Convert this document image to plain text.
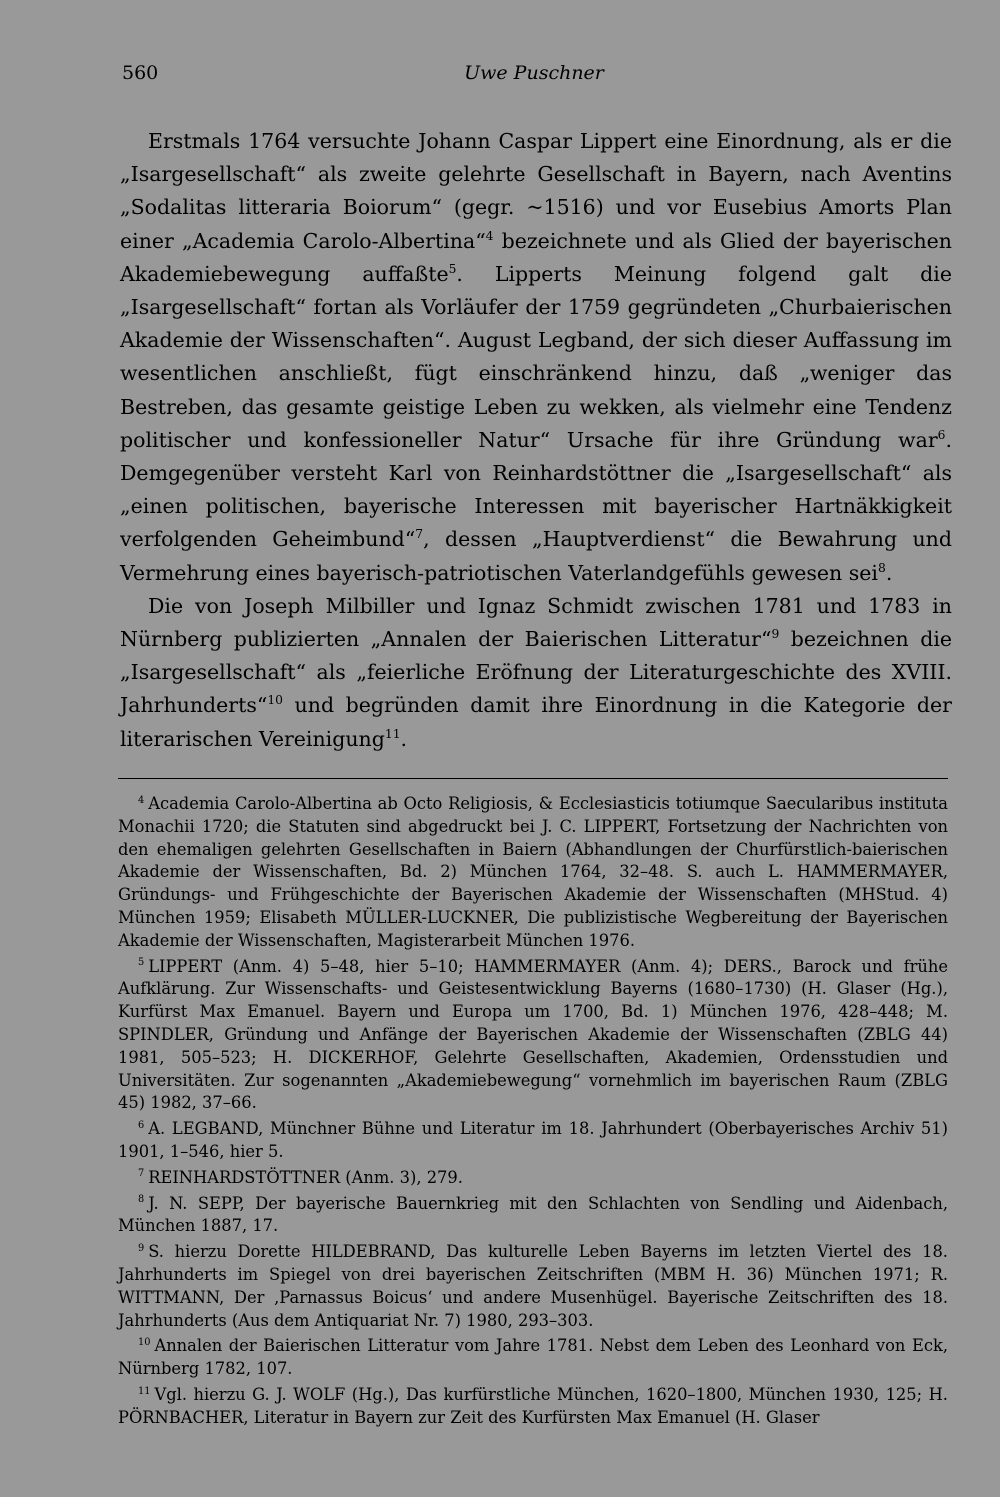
560	Uwe Puschner

Erstmals 1764 versuchte Johann Caspar Lippert eine Einordnung, als er die „Isargesellschaft“ als zweite gelehrte Gesellschaft in Bayern, nach Aventins „Sodalitas litteraria Boiorum“ (gegr. ~1516) und vor Eusebius Amorts Plan einer „Academia Carolo-Albertina“$^4$ bezeichnete und als Glied der bayerischen Akademiebewegung auffaßte$^5$. Lipperts Meinung folgend galt die „Isargesellschaft“ fortan als Vorläufer der 1759 gegründeten „Churbaierischen Akademie der Wissenschaften“. August Legband, der sich dieser Auffassung im wesentlichen anschließt, fügt einschränkend hinzu, daß „weniger das Bestreben, das gesamte geistige Leben zu wekken, als vielmehr eine Tendenz politischer und konfessioneller Natur“ Ursache für ihre Gründung war$^6$. Demgegenüber versteht Karl von Reinhardstöttner die „Isargesellschaft“ als „einen politischen, bayerische Interessen mit bayerischer Hartnäkkigkeit verfolgenden Geheimbund“$^7$, dessen „Hauptverdienst“ die Bewahrung und Vermehrung eines bayerisch-patriotischen Vaterlandgefühls gewesen sei$^8$.

Die von Joseph Milbiller und Ignaz Schmidt zwischen 1781 und 1783 in Nürnberg publizierten „Annalen der Baierischen Litteratur“$^9$ bezeichnen die „Isargesellschaft“ als „feierliche Eröfnung der Literaturgeschichte des XVIII. Jahrhunderts“$^{10}$ und begründen damit ihre Einordnung in die Kategorie der literarischen Vereinigung$^{11}$.

$^4$ Academia Carolo-Albertina ab Octo Religiosis, & Ecclesiasticis totiumque Saecularibus instituta Monachii 1720; die Statuten sind abgedruckt bei J. C. LIPPERT, Fortsetzung der Nachrichten von den ehemaligen gelehrten Gesellschaften in Baiern (Abhandlungen der Churfürstlich-baierischen Akademie der Wissenschaften, Bd. 2) München 1764, 32–48. S. auch L. HAMMERMAYER, Gründungs- und Frühgeschichte der Bayerischen Akademie der Wissenschaften (MHStud. 4) München 1959; Elisabeth MÜLLER-LUCKNER, Die publizistische Wegbereitung der Bayerischen Akademie der Wissenschaften, Magisterarbeit München 1976.

$^5$ LIPPERT (Anm. 4) 5–48, hier 5–10; HAMMERMAYER (Anm. 4); DERS., Barock und frühe Aufklärung. Zur Wissenschafts- und Geistesentwicklung Bayerns (1680–1730) (H. Glaser (Hg.), Kurfürst Max Emanuel. Bayern und Europa um 1700, Bd. 1) München 1976, 428–448; M. SPINDLER, Gründung und Anfänge der Bayerischen Akademie der Wissenschaften (ZBLG 44) 1981, 505–523; H. DICKERHOF, Gelehrte Gesellschaften, Akademien, Ordensstudien und Universitäten. Zur sogenannten „Akademiebewegung“ vornehmlich im bayerischen Raum (ZBLG 45) 1982, 37–66.

$^6$ A. LEGBAND, Münchner Bühne und Literatur im 18. Jahrhundert (Oberbayerisches Archiv 51) 1901, 1–546, hier 5.

$^7$ REINHARDSTÖTTNER (Anm. 3), 279.

$^8$ J. N. SEPP, Der bayerische Bauernkrieg mit den Schlachten von Sendling und Aidenbach, München 1887, 17.

$^9$ S. hierzu Dorette HILDEBRAND, Das kulturelle Leben Bayerns im letzten Viertel des 18. Jahrhunderts im Spiegel von drei bayerischen Zeitschriften (MBM H. 36) München 1971; R. WITTMANN, Der ‚Parnassus Boicus‘ und andere Musenhügel. Bayerische Zeitschriften des 18. Jahrhunderts (Aus dem Antiquariat Nr. 7) 1980, 293–303.

$^{10}$ Annalen der Baierischen Litteratur vom Jahre 1781. Nebst dem Leben des Leonhard von Eck, Nürnberg 1782, 107.

$^{11}$ Vgl. hierzu G. J. WOLF (Hg.), Das kurfürstliche München, 1620–1800, München 1930, 125; H. PÖRNBACHER, Literatur in Bayern zur Zeit des Kurfürsten Max Emanuel (H. Glaser
